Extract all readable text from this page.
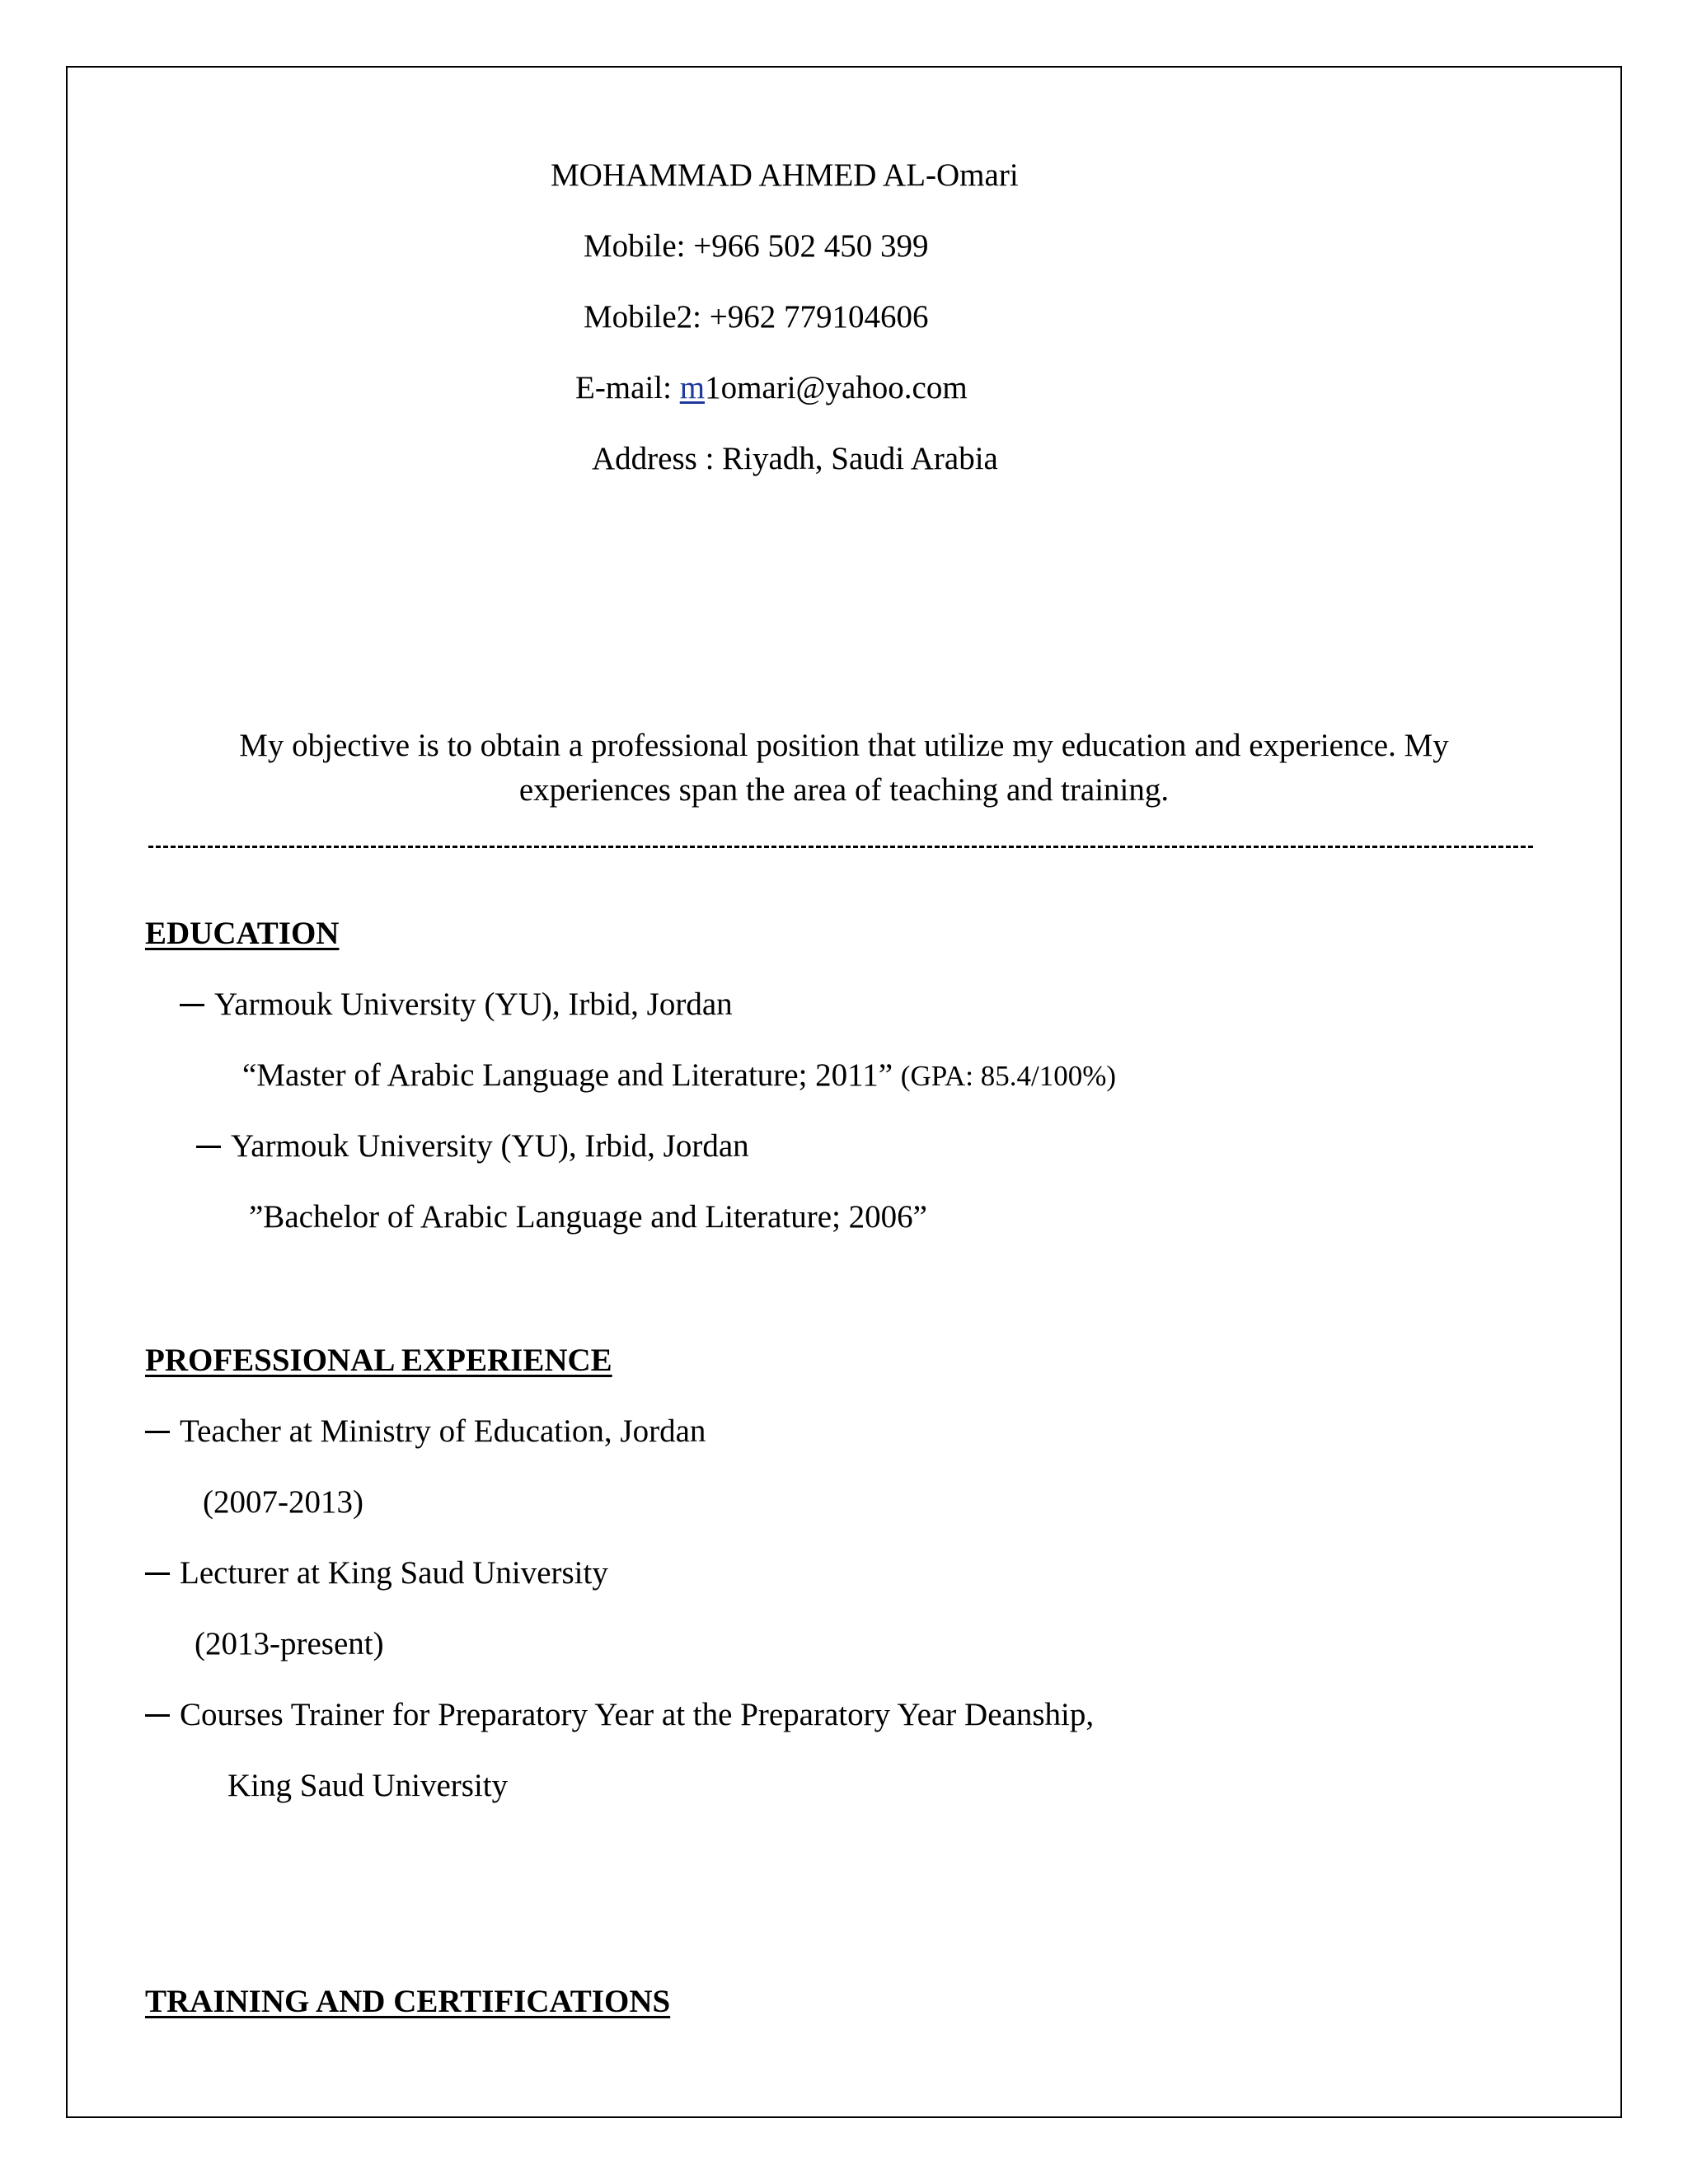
MOHAMMAD AHMED AL-Omari
Mobile: +966 502 450 399
Mobile2: +962 779104606
E-mail: m1omari@yahoo.com
Address : Riyadh, Saudi Arabia
My objective is to obtain a professional position that utilize my education and experience. My
experiences span the area of teaching and training.
EDUCATION
Yarmouk University (YU), Irbid, Jordan
“Master of Arabic Language and Literature; 2011” (GPA: 85.4/100%)
Yarmouk University (YU), Irbid, Jordan
”Bachelor of Arabic Language and Literature; 2006”
PROFESSIONAL EXPERIENCE
Teacher at Ministry of Education, Jordan
(2007-2013)
Lecturer at King Saud University
(2013-present)
Courses Trainer for Preparatory Year at the Preparatory Year Deanship,
King Saud University
TRAINING AND CERTIFICATIONS
